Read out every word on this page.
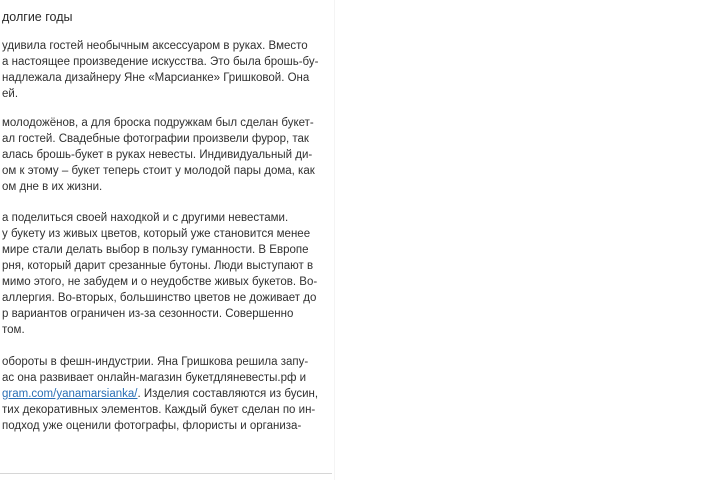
долгие годы
удивила гостей необычным аксессуаром в руках. Вместо
а настоящее произведение искусства. Это была брошь-бу-
надлежала дизайнеру Яне «Марсианке» Гришковой. Она
ей.
молодожёнов, а для броска подружкам был сделан букет-
ал гостей. Свадебные фотографии произвели фурор, так
алась брошь-букет в руках невесты. Индивидуальный ди-
ом к этому – букет теперь стоит у молодой пары дома, как
ом дне в их жизни.
а поделиться своей находкой и с другими невестами.
у букету из живых цветов, который уже становится менее
мире стали делать выбор в пользу гуманности. В Европе
рня, который дарит срезанные бутоны. Люди выступают в
мимо этого, не забудем и о неудобстве живых букетов. Во-
аллергия. Во-вторых, большинство цветов не доживает до
р вариантов ограничен из-за сезонности. Совершенно
том.
обороты в фешн-индустрии. Яна Гришкова решила запу-
ас она развивает онлайн-магазин букетдляневесты.рф и
gram.com/yanamarsianka/. Изделия составляются из бусин,
тих декоративных элементов. Каждый букет сделан по ин-
подход уже оценили фотографы, флористы и организа-
